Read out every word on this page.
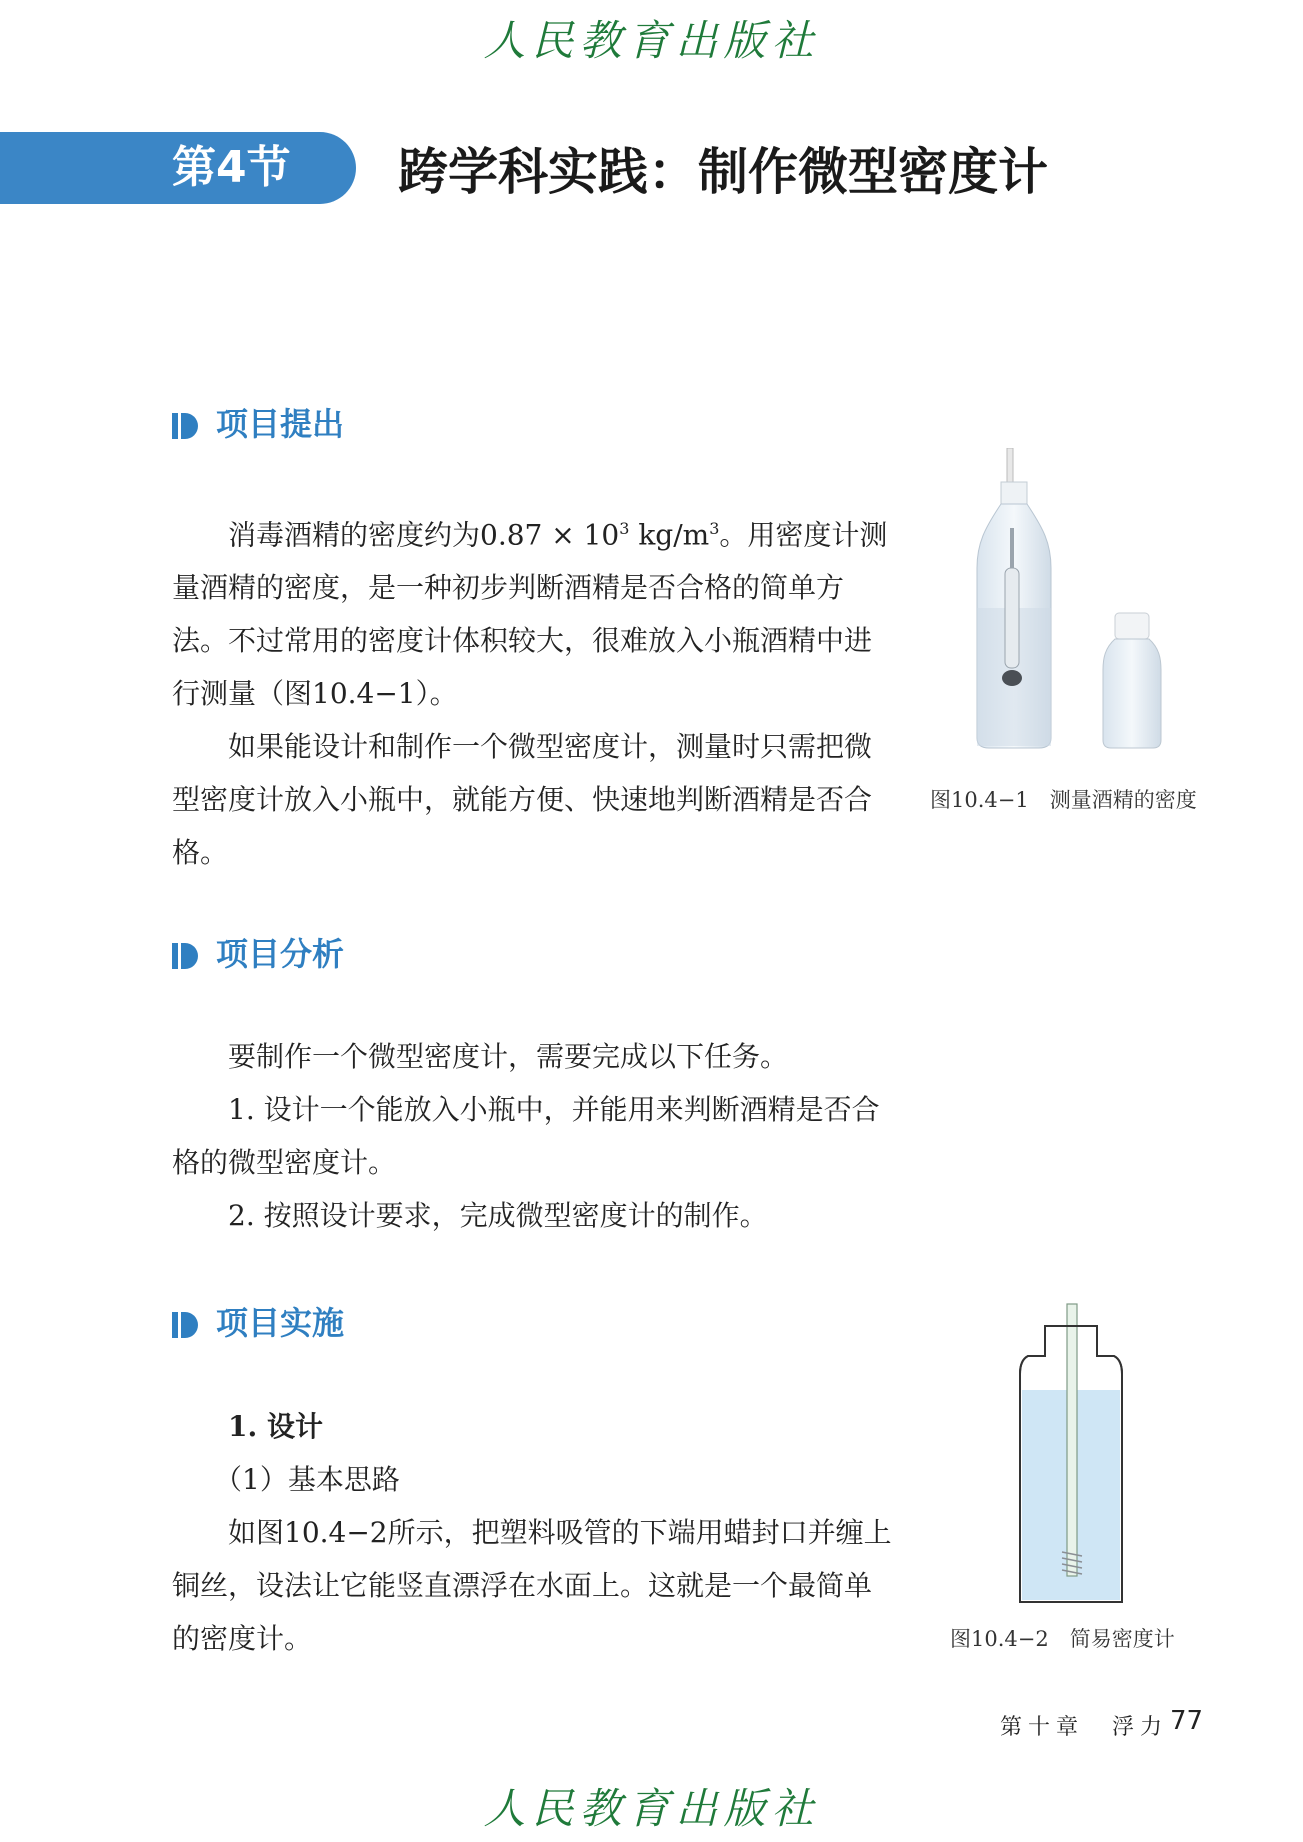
人民教育出版社
第4节	跨学科实践：制作微型密度计
项目提出

消毒酒精的密度约为$0.87 \times 10^3$ $kg/m^3$。用密度计测量酒精的密度，是一种初步判断酒精是否合格的简单方法。不过常用的密度计体积较大，很难放入小瓶酒精中进行测量（图10.4−1）。

如果能设计和制作一个微型密度计，测量时只需把微型密度计放入小瓶中，就能方便、快速地判断酒精是否合格。

图10.4−1　测量酒精的密度
项目分析

要制作一个微型密度计，需要完成以下任务。

1. 设计一个能放入小瓶中，并能用来判断酒精是否合格的微型密度计。

2. 按照设计要求，完成微型密度计的制作。

项目实施

1. 设计

（1）基本思路

如图10.4−2所示，把塑料吸管的下端用蜡封口并缠上铜丝，设法让它能竖直漂浮在水面上。这就是一个最简单的密度计。	图10.4−2　简易密度计
第十章　浮力 77
人民教育出版社
